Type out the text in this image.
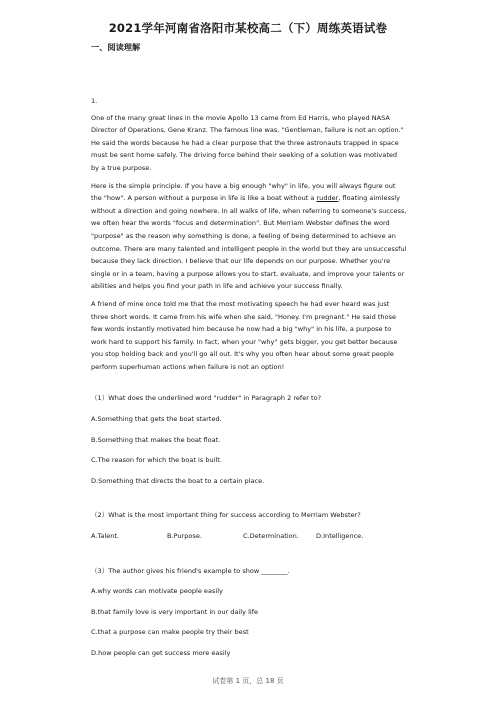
2021学年河南省洛阳市某校高二（下）周练英语试卷
一、阅读理解
1.

One of the many great lines in the movie Apollo 13 came from Ed Harris, who played NASA Director of Operations, Gene Kranz. The famous line was, "Gentleman, failure is not an option." He said the words because he had a clear purpose that the three astronauts trapped in space must be sent home safely. The driving force behind their seeking of a solution was motivated by a true purpose.

Here is the simple principle. If you have a big enough "why" in life, you will always figure out the "how". A person without a purpose in life is like a boat without a rudder, floating aimlessly without a direction and going nowhere. In all walks of life, when referring to someone's success, we often hear the words "focus and determination". But Merriam Webster defines the word "purpose" as the reason why something is done, a feeling of being determined to achieve an outcome. There are many talented and intelligent people in the world but they are unsuccessful because they lack direction. I believe that our life depends on our purpose. Whether you're single or in a team, having a purpose allows you to start, evaluate, and improve your talents or abilities and helps you find your path in life and achieve your success finally.

A friend of mine once told me that the most motivating speech he had ever heard was just three short words. It came from his wife when she said, "Honey. I'm pregnant." He said those few words instantly motivated him because he now had a big "why" in his life, a purpose to work hard to support his family. In fact, when your "why" gets bigger, you get better because you stop holding back and you'll go all out. It's why you often hear about some great people perform superhuman actions when failure is not an option!

（1）What does the underlined word "rudder" in Paragraph 2 refer to?
A.Something that gets the boat started.
B.Something that makes the boat float.
C.The reason for which the boat is built.
D.Something that directs the boat to a certain place.
（2）What is the most important thing for success according to Merriam Webster?
A.Talent.	B.Purpose.	C.Determination.	D.Intelligence.
（3）The author gives his friend's example to show ________.
A.why words can motivate people easily
B.that family love is very important in our daily life
C.that a purpose can make people try their best
D.how people can get success more easily
试卷第 1 页，总 18 页
